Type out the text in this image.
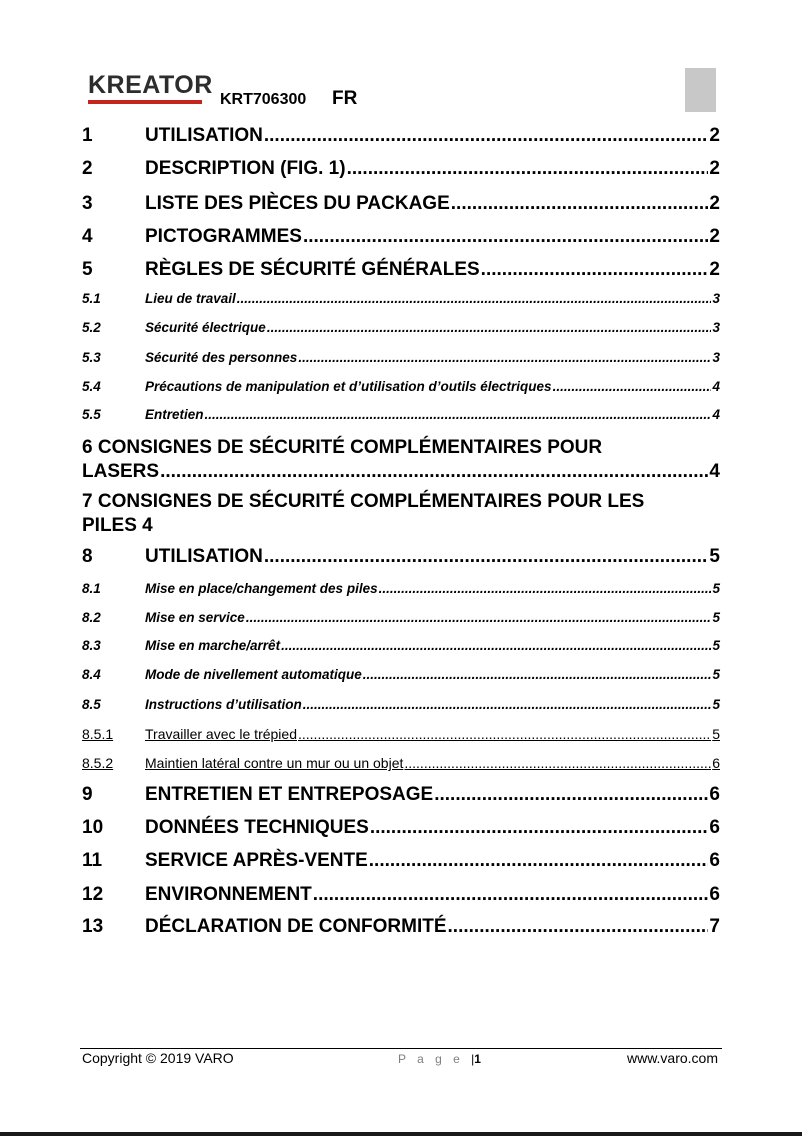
KREATOR
KRT706300 FR
1	UTILISATION .....	2
2	DESCRIPTION (FIG. 1) .....	2
3	LISTE DES PIÈCES DU PACKAGE .....	2
4	PICTOGRAMMES .....	2
5	RÈGLES DE SÉCURITÉ GÉNÉRALES .....	2
5.1	Lieu de travail .....	3
5.2	Sécurité électrique .....	3
5.3	Sécurité des personnes .....	3
5.4	Précautions de manipulation et d’utilisation d’outils électriques .....	4
5.5	Entretien .....	4
6 CONSIGNES DE SÉCURITÉ COMPLÉMENTAIRES POUR
LASERS .....	4
7 CONSIGNES DE SÉCURITÉ COMPLÉMENTAIRES POUR LES
PILES 4
8	UTILISATION .....	5
8.1	Mise en place/changement des piles .....	5
8.2	Mise en service .....	5
8.3	Mise en marche/arrêt .....	5
8.4	Mode de nivellement automatique .....	5
8.5	Instructions d’utilisation .....	5
8.5.1	Travailler avec le trépied .....	5
8.5.2	Maintien latéral contre un mur ou un objet .....	6
9	ENTRETIEN ET ENTREPOSAGE .....	6
10	DONNÉES TECHNIQUES .....	6
11	SERVICE APRÈS-VENTE .....	6
12	ENVIRONNEMENT .....	6
13	DÉCLARATION DE CONFORMITÉ .....	7
Copyright © 2019 VARO	P a g e |1	www.varo.com
